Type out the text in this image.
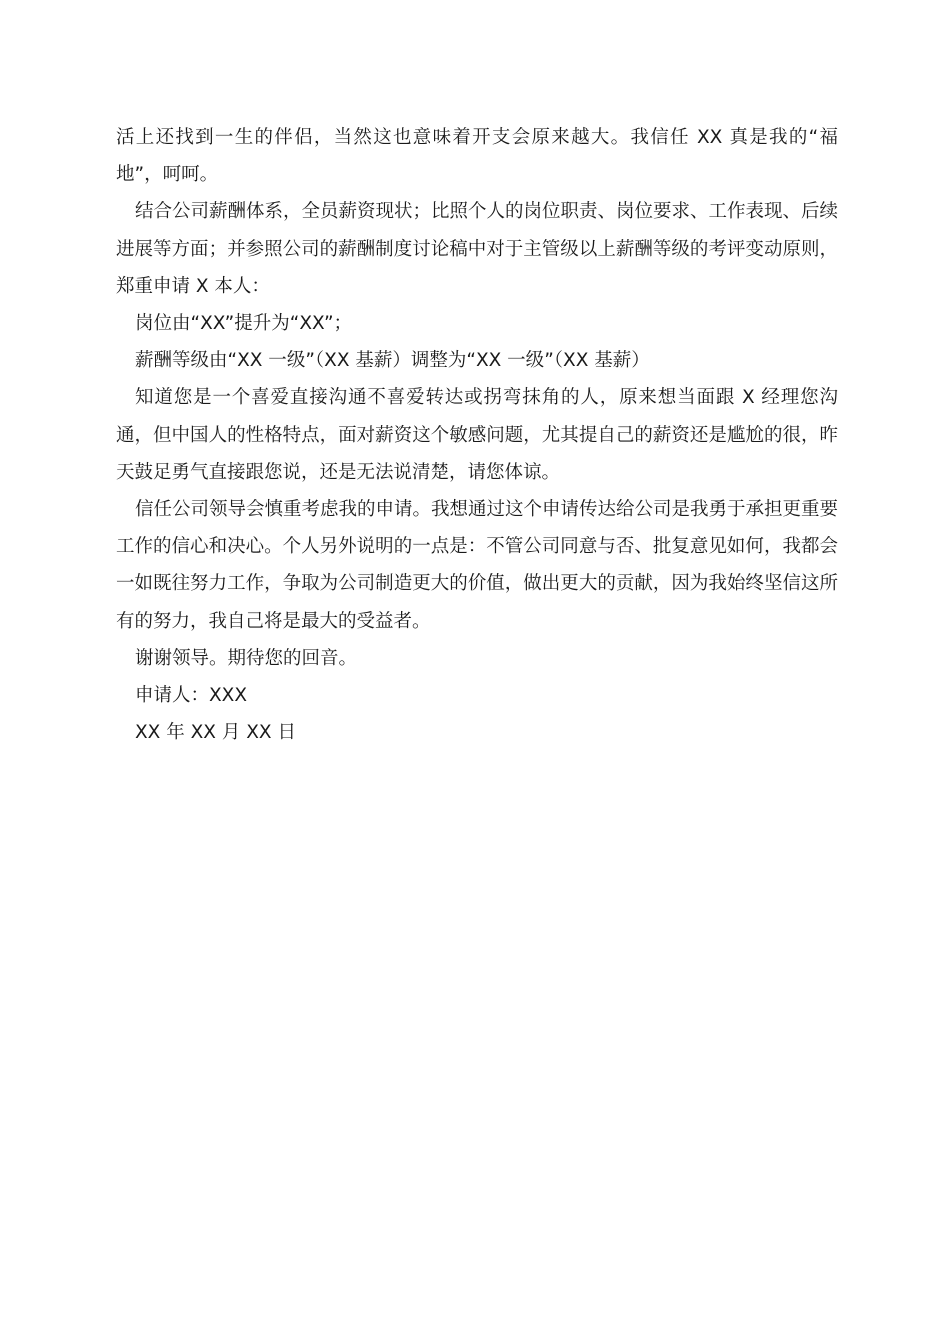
活上还找到一生的伴侣，当然这也意味着开支会原来越大。我信任 XX 真是我的“福地”，呵呵。

结合公司薪酬体系，全员薪资现状；比照个人的岗位职责、岗位要求、工作表现、后续进展等方面；并参照公司的薪酬制度讨论稿中对于主管级以上薪酬等级的考评变动原则，郑重申请 X 本人：

岗位由“XX”提升为“XX”；

薪酬等级由“XX 一级”（XX 基薪）调整为“XX 一级”（XX 基薪）

知道您是一个喜爱直接沟通不喜爱转达或拐弯抹角的人，原来想当面跟 X 经理您沟通，但中国人的性格特点，面对薪资这个敏感问题，尤其提自己的薪资还是尴尬的很，昨天鼓足勇气直接跟您说，还是无法说清楚，请您体谅。

信任公司领导会慎重考虑我的申请。我想通过这个申请传达给公司是我勇于承担更重要工作的信心和决心。个人另外说明的一点是：不管公司同意与否、批复意见如何，我都会一如既往努力工作，争取为公司制造更大的价值，做出更大的贡献，因为我始终坚信这所有的努力，我自己将是最大的受益者。

谢谢领导。期待您的回音。

申请人：XXX

XX 年 XX 月 XX 日
